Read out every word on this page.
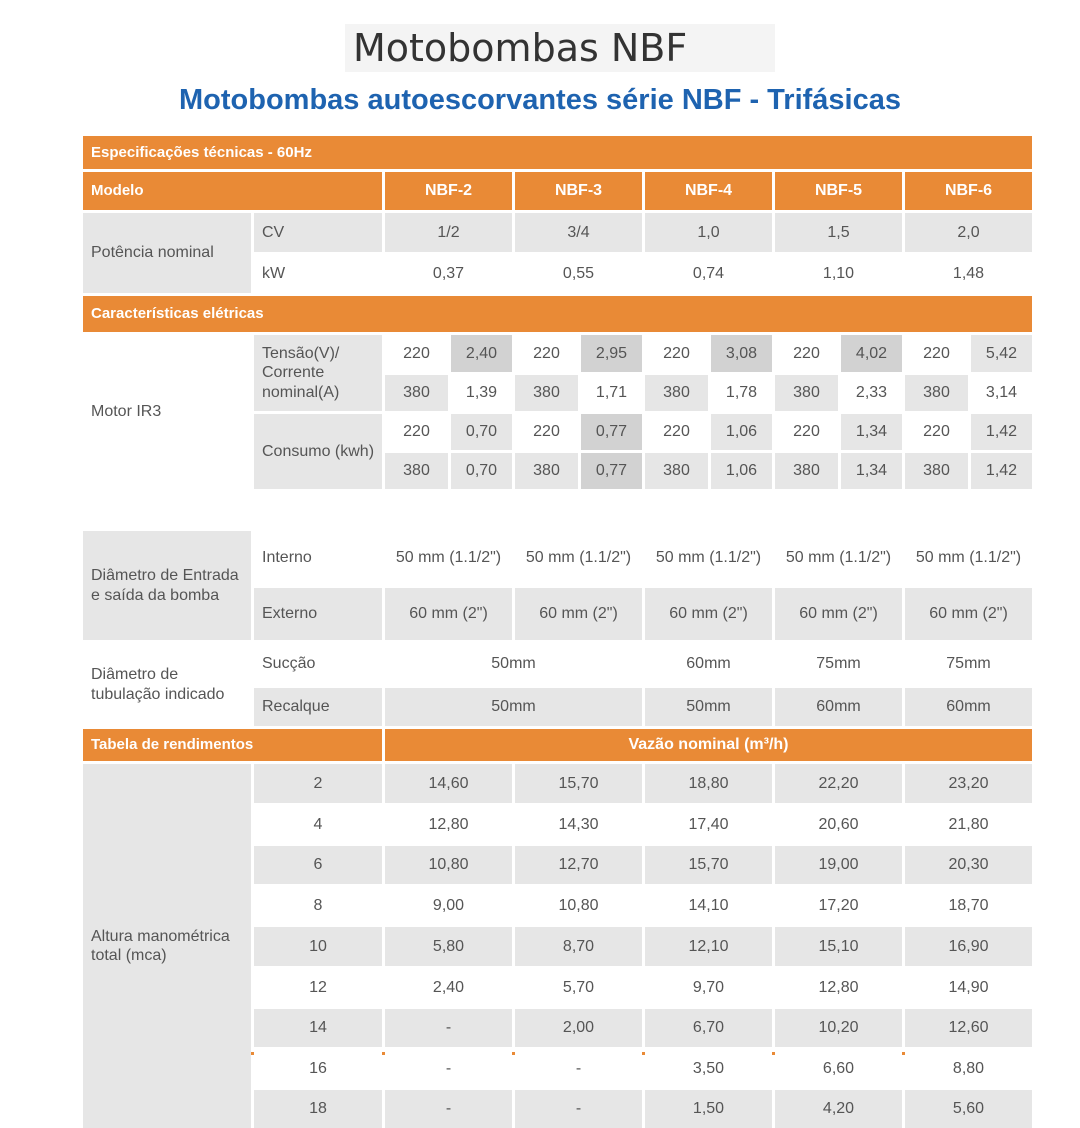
Motobombas NBF
Motobombas autoescorvantes série NBF - Trifásicas
Especificações técnicas - 60Hz
Modelo	NBF-2	NBF-3	NBF-4	NBF-5	NBF-6
Potência nominal
CV	1/2	3/4	1,0	1,5	2,0
kW	0,37	0,55	0,74	1,10	1,48
Características elétricas
Motor IR3
Tensão(V)/ Corrente nominal(A)
220	2,40	220	2,95	220	3,08	220	4,02	220	5,42
380	1,39	380	1,71	380	1,78	380	2,33	380	3,14
Consumo (kwh)
220	0,70	220	0,77	220	1,06	220	1,34	220	1,42
380	0,70	380	0,77	380	1,06	380	1,34	380	1,42
Diâmetro de Entrada e saída da bomba
Interno	50 mm (1.1/2")	50 mm (1.1/2")	50 mm (1.1/2")	50 mm (1.1/2")	50 mm (1.1/2")
Externo	60 mm (2")	60 mm (2")	60 mm (2")	60 mm (2")	60 mm (2")
Diâmetro de tubulação indicado
Sucção	50mm	60mm	75mm	75mm
Recalque	50mm	50mm	60mm	60mm
Tabela de rendimentos	Vazão nominal (m³/h)
Altura manométrica total (mca)
2	14,60	15,70	18,80	22,20	23,20
4	12,80	14,30	17,40	20,60	21,80
6	10,80	12,70	15,70	19,00	20,30
8	9,00	10,80	14,10	17,20	18,70
10	5,80	8,70	12,10	15,10	16,90
12	2,40	5,70	9,70	12,80	14,90
14	-	2,00	6,70	10,20	12,60
16	-	-	3,50	6,60	8,80
18	-	-	1,50	4,20	5,60
